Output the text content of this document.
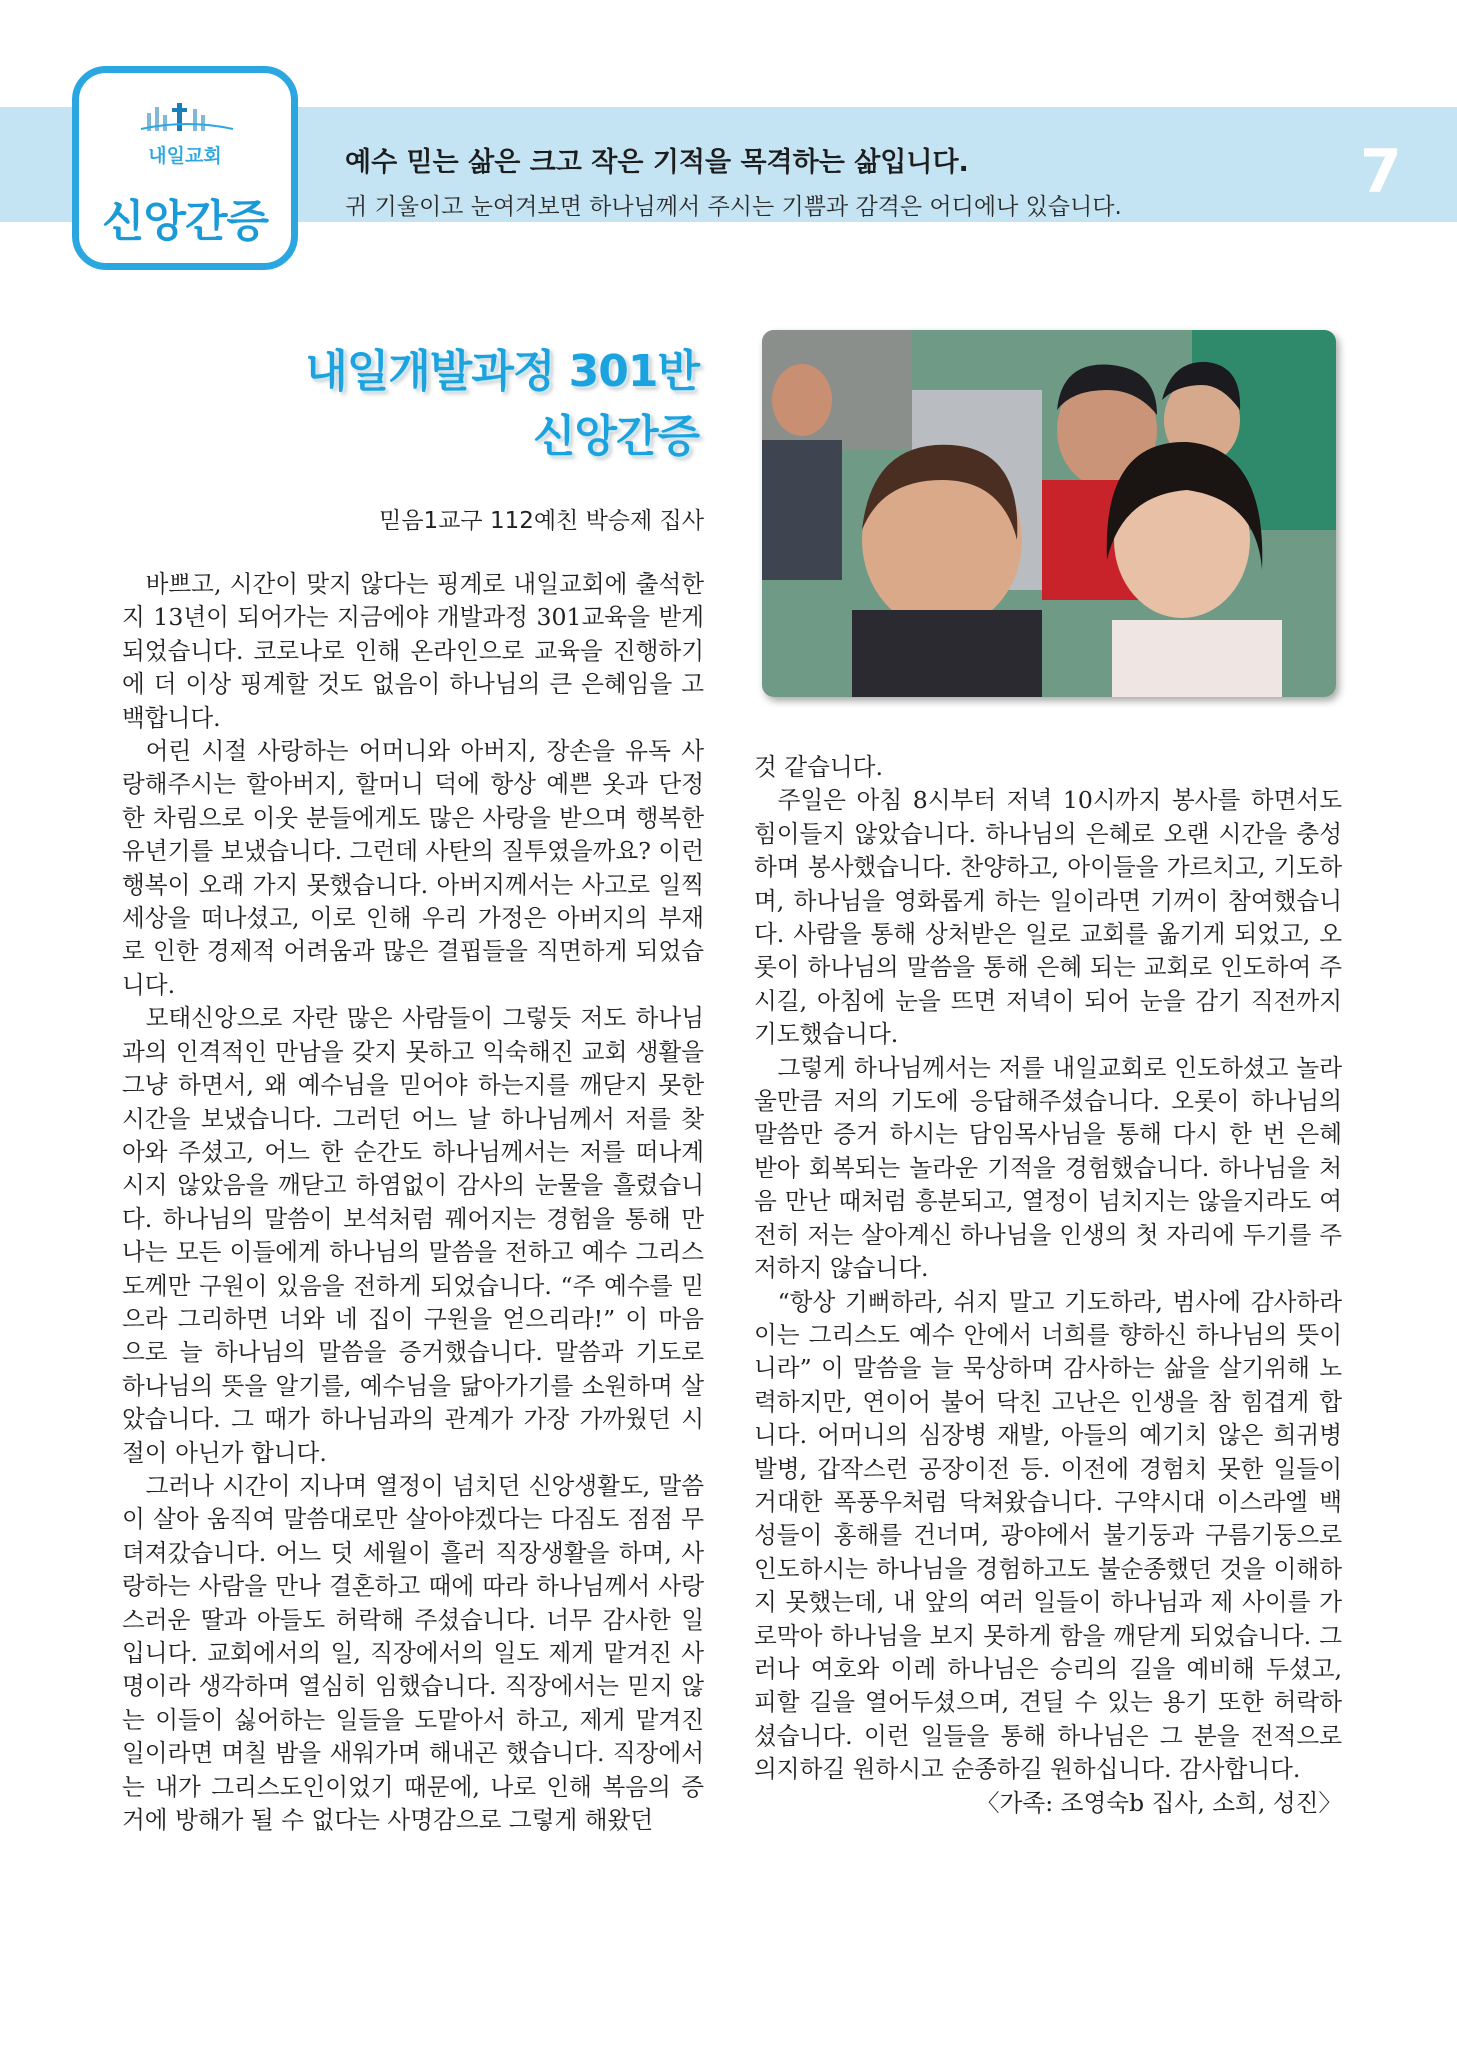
내일교회
신앙간증
예수 믿는 삶은 크고 작은 기적을 목격하는 삶입니다.
귀 기울이고 눈여겨보면 하나님께서 주시는 기쁨과 감격은 어디에나 있습니다.	7
내일개발과정 301반
신앙간증
믿음1교구 112예친 박승제 집사

바쁘고, 시간이 맞지 않다는 핑계로 내일교회에 출석한지 13년이 되어가는 지금에야 개발과정 301교육을 받게 되었습니다. 코로나로 인해 온라인으로 교육을 진행하기에 더 이상 핑계할 것도 없음이 하나님의 큰 은혜임을 고백합니다.

어린 시절 사랑하는 어머니와 아버지, 장손을 유독 사랑해주시는 할아버지, 할머니 덕에 항상 예쁜 옷과 단정한 차림으로 이웃 분들에게도 많은 사랑을 받으며 행복한 유년기를 보냈습니다. 그런데 사탄의 질투였을까요? 이런 행복이 오래 가지 못했습니다. 아버지께서는 사고로 일찍 세상을 떠나셨고, 이로 인해 우리 가정은 아버지의 부재로 인한 경제적 어려움과 많은 결핍들을 직면하게 되었습니다.

모태신앙으로 자란 많은 사람들이 그렇듯 저도 하나님과의 인격적인 만남을 갖지 못하고 익숙해진 교회 생활을 그냥 하면서, 왜 예수님을 믿어야 하는지를 깨닫지 못한 시간을 보냈습니다. 그러던 어느 날 하나님께서 저를 찾아와 주셨고, 어느 한 순간도 하나님께서는 저를 떠나계시지 않았음을 깨닫고 하염없이 감사의 눈물을 흘렸습니다. 하나님의 말씀이 보석처럼 꿰어지는 경험을 통해 만나는 모든 이들에게 하나님의 말씀을 전하고 예수 그리스도께만 구원이 있음을 전하게 되었습니다. “주 예수를 믿으라 그리하면 너와 네 집이 구원을 얻으리라!” 이 마음으로 늘 하나님의 말씀을 증거했습니다. 말씀과 기도로 하나님의 뜻을 알기를, 예수님을 닮아가기를 소원하며 살았습니다. 그 때가 하나님과의 관계가 가장 가까웠던 시절이 아닌가 합니다.

그러나 시간이 지나며 열정이 넘치던 신앙생활도, 말씀이 살아 움직여 말씀대로만 살아야겠다는 다짐도 점점 무뎌져갔습니다. 어느 덧 세월이 흘러 직장생활을 하며, 사랑하는 사람을 만나 결혼하고 때에 따라 하나님께서 사랑스러운 딸과 아들도 허락해 주셨습니다. 너무 감사한 일입니다. 교회에서의 일, 직장에서의 일도 제게 맡겨진 사명이라 생각하며 열심히 임했습니다. 직장에서는 믿지 않는 이들이 싫어하는 일들을 도맡아서 하고, 제게 맡겨진 일이라면 며칠 밤을 새워가며 해내곤 했습니다. 직장에서는 내가 그리스도인이었기 때문에, 나로 인해 복음의 증거에 방해가 될 수 없다는 사명감으로 그렇게 해왔던

것 같습니다.

주일은 아침 8시부터 저녁 10시까지 봉사를 하면서도 힘이들지 않았습니다. 하나님의 은혜로 오랜 시간을 충성하며 봉사했습니다. 찬양하고, 아이들을 가르치고, 기도하며, 하나님을 영화롭게 하는 일이라면 기꺼이 참여했습니다. 사람을 통해 상처받은 일로 교회를 옮기게 되었고, 오롯이 하나님의 말씀을 통해 은혜 되는 교회로 인도하여 주시길, 아침에 눈을 뜨면 저녁이 되어 눈을 감기 직전까지 기도했습니다.

그렇게 하나님께서는 저를 내일교회로 인도하셨고 놀라울만큼 저의 기도에 응답해주셨습니다. 오롯이 하나님의 말씀만 증거 하시는 담임목사님을 통해 다시 한 번 은혜 받아 회복되는 놀라운 기적을 경험했습니다. 하나님을 처음 만난 때처럼 흥분되고, 열정이 넘치지는 않을지라도 여전히 저는 살아계신 하나님을 인생의 첫 자리에 두기를 주저하지 않습니다.

“항상 기뻐하라, 쉬지 말고 기도하라, 범사에 감사하라 이는 그리스도 예수 안에서 너희를 향하신 하나님의 뜻이니라” 이 말씀을 늘 묵상하며 감사하는 삶을 살기위해 노력하지만, 연이어 불어 닥친 고난은 인생을 참 힘겹게 합니다. 어머니의 심장병 재발, 아들의 예기치 않은 희귀병 발병, 갑작스런 공장이전 등. 이전에 경험치 못한 일들이 거대한 폭풍우처럼 닥쳐왔습니다. 구약시대 이스라엘 백성들이 홍해를 건너며, 광야에서 불기둥과 구름기둥으로 인도하시는 하나님을 경험하고도 불순종했던 것을 이해하지 못했는데, 내 앞의 여러 일들이 하나님과 제 사이를 가로막아 하나님을 보지 못하게 함을 깨닫게 되었습니다. 그러나 여호와 이레 하나님은 승리의 길을 예비해 두셨고, 피할 길을 열어두셨으며, 견딜 수 있는 용기 또한 허락하셨습니다. 이런 일들을 통해 하나님은 그 분을 전적으로 의지하길 원하시고 순종하길 원하십니다. 감사합니다.

〈가족: 조영숙b 집사, 소희, 성진〉
